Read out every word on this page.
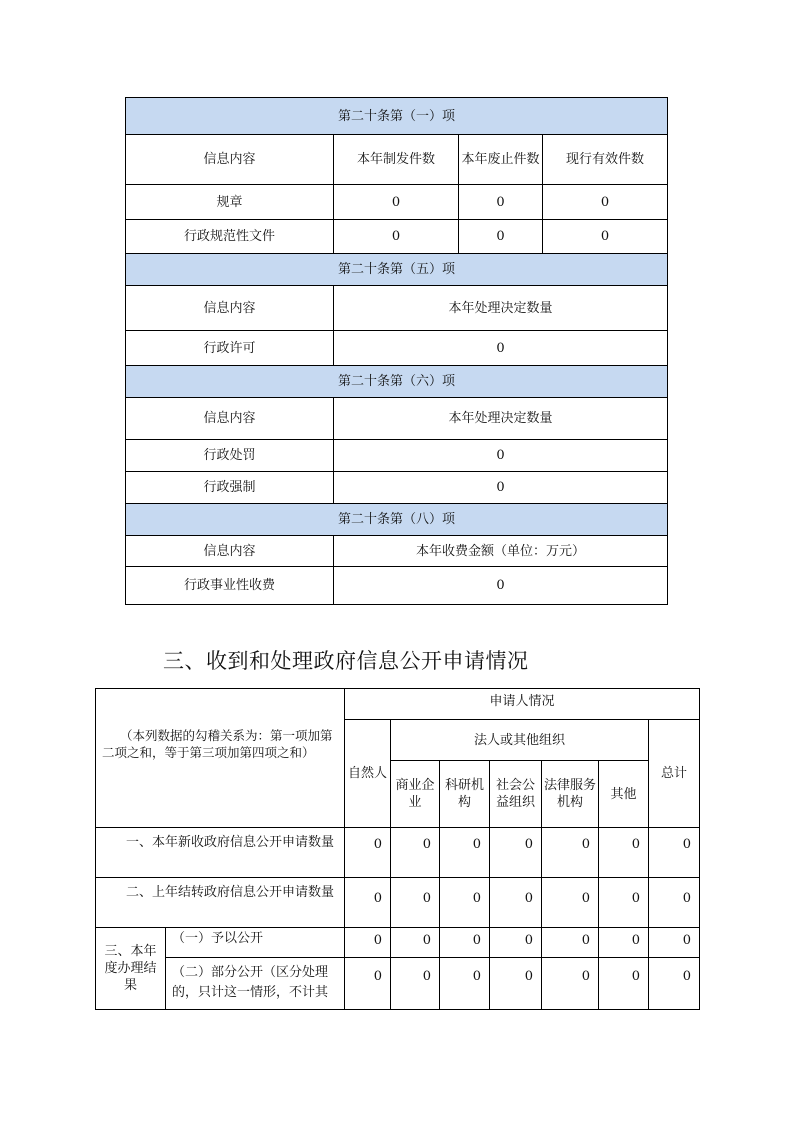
第二十条第（一）项			
信息内容	本年制发件数	本年废止件数	现行有效件数
规章	0	0	0
行政规范性文件	0	0	0
第二十条第（五）项			
信息内容	本年处理决定数量		
行政许可	0		
第二十条第（六）项			
信息内容	本年处理决定数量		
行政处罚	0		
行政强制	0		
第二十条第（八）项			
信息内容	本年收费金额（单位：万元）		
行政事业性收费	0		
三、收到和处理政府信息公开申请情况
（本列数据的勾稽关系为：第一项加第二项之和，等于第三项加第四项之和）		申请人情况						
		自然人	法人或其他组织					总计
			商业企业	科研机构	社会公益组织	法律服务机构	其他	
一、本年新收政府信息公开申请数量		0	0	0	0	0	0	0
二、上年结转政府信息公开申请数量		0	0	0	0	0	0	0
三、本年度办理结果	（一）予以公开	0	0	0	0	0	0	0
	（二）部分公开（区分处理的，只计这一情形，不计其	0	0	0	0	0	0	0
